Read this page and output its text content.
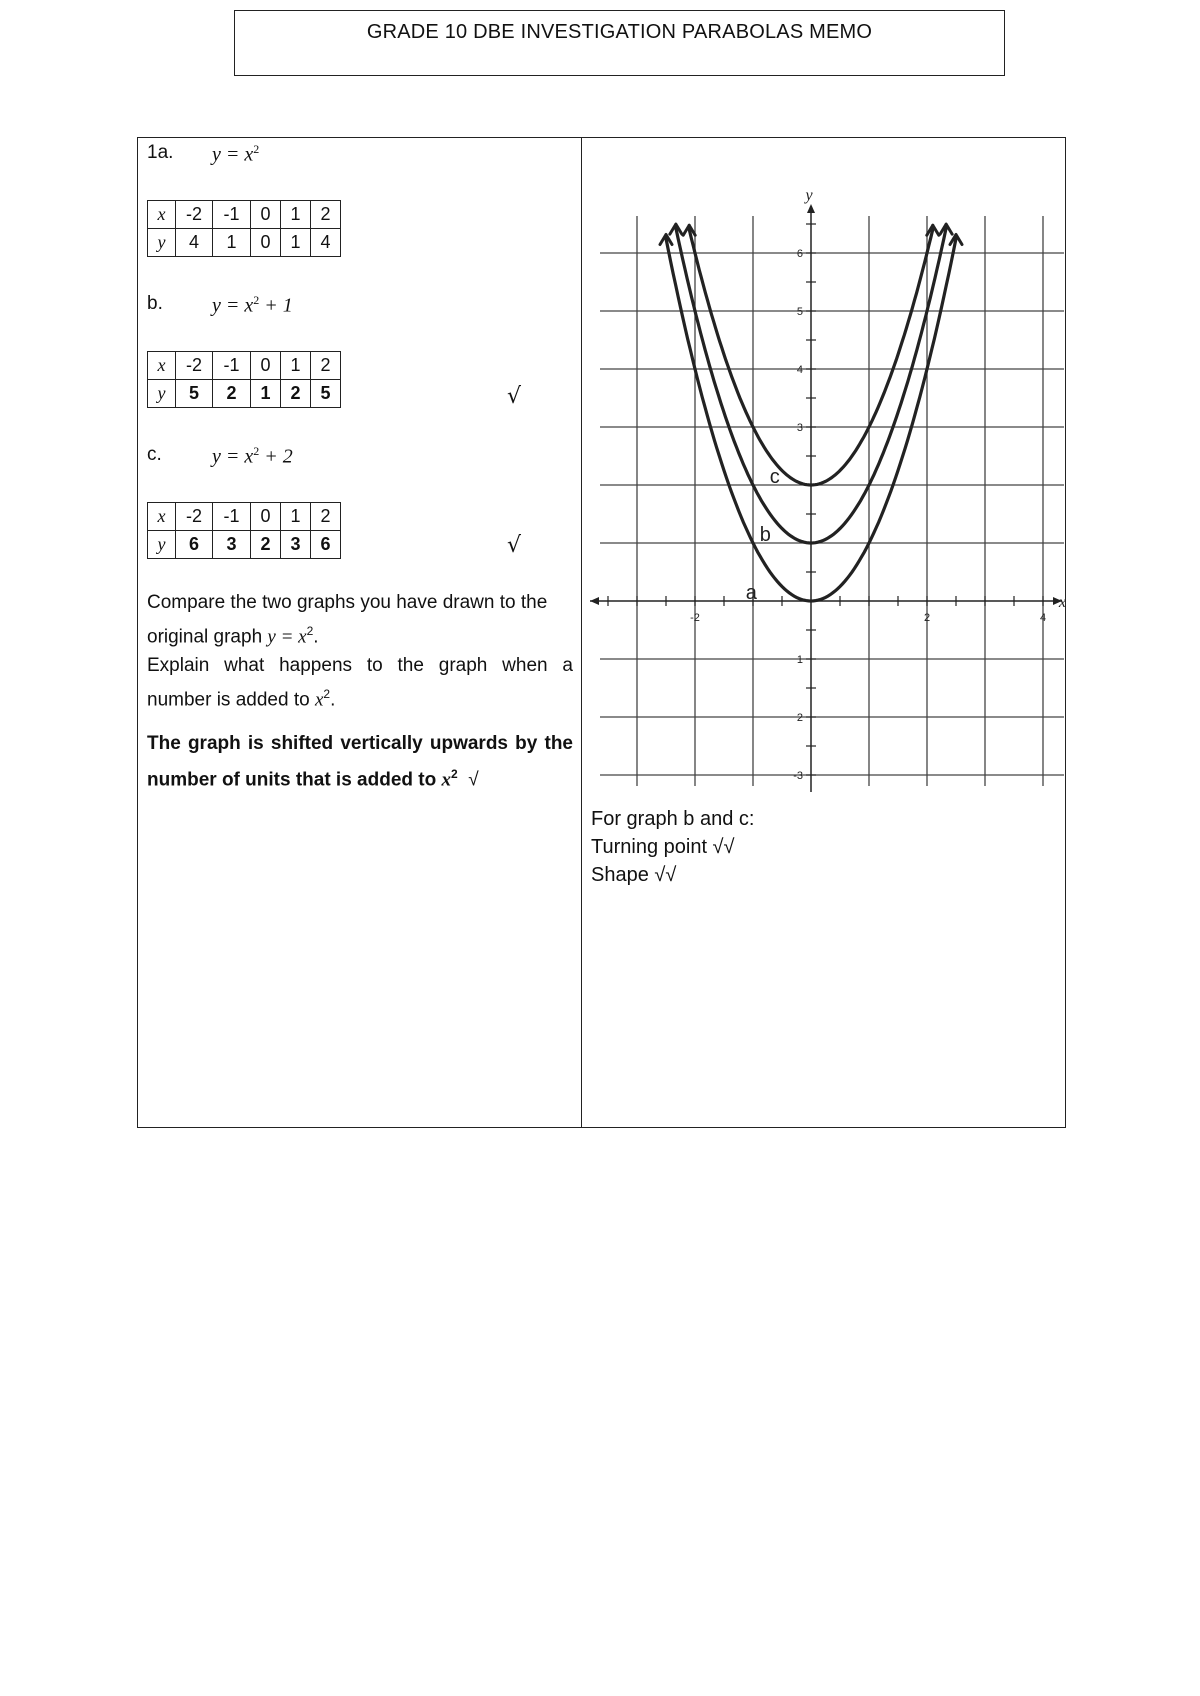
GRADE 10 DBE INVESTIGATION PARABOLAS MEMO
1a. $y = x^2$
x	-2	-1	0	1	2
y	4	1	0	1	4
b. $y = x^2 + 1$
x	-2	-1	0	1	2
y	5	2	1	2	5	√
c.	$y = x^2 + 2$
x	-2	-1	0	1	2
y	6	3	2	3	6	√
Compare the two graphs you have drawn to the
original graph $y = x^2$.
Explain what happens to the graph when a
number is added to $x^2$.
The graph is shifted vertically upwards by the number of units that is added to $x^2$ √
x
y
-2	2	4
6
5
4
3
2
1
-3
a
b
c
For graph b and c:
Turning point √√
Shape √√
